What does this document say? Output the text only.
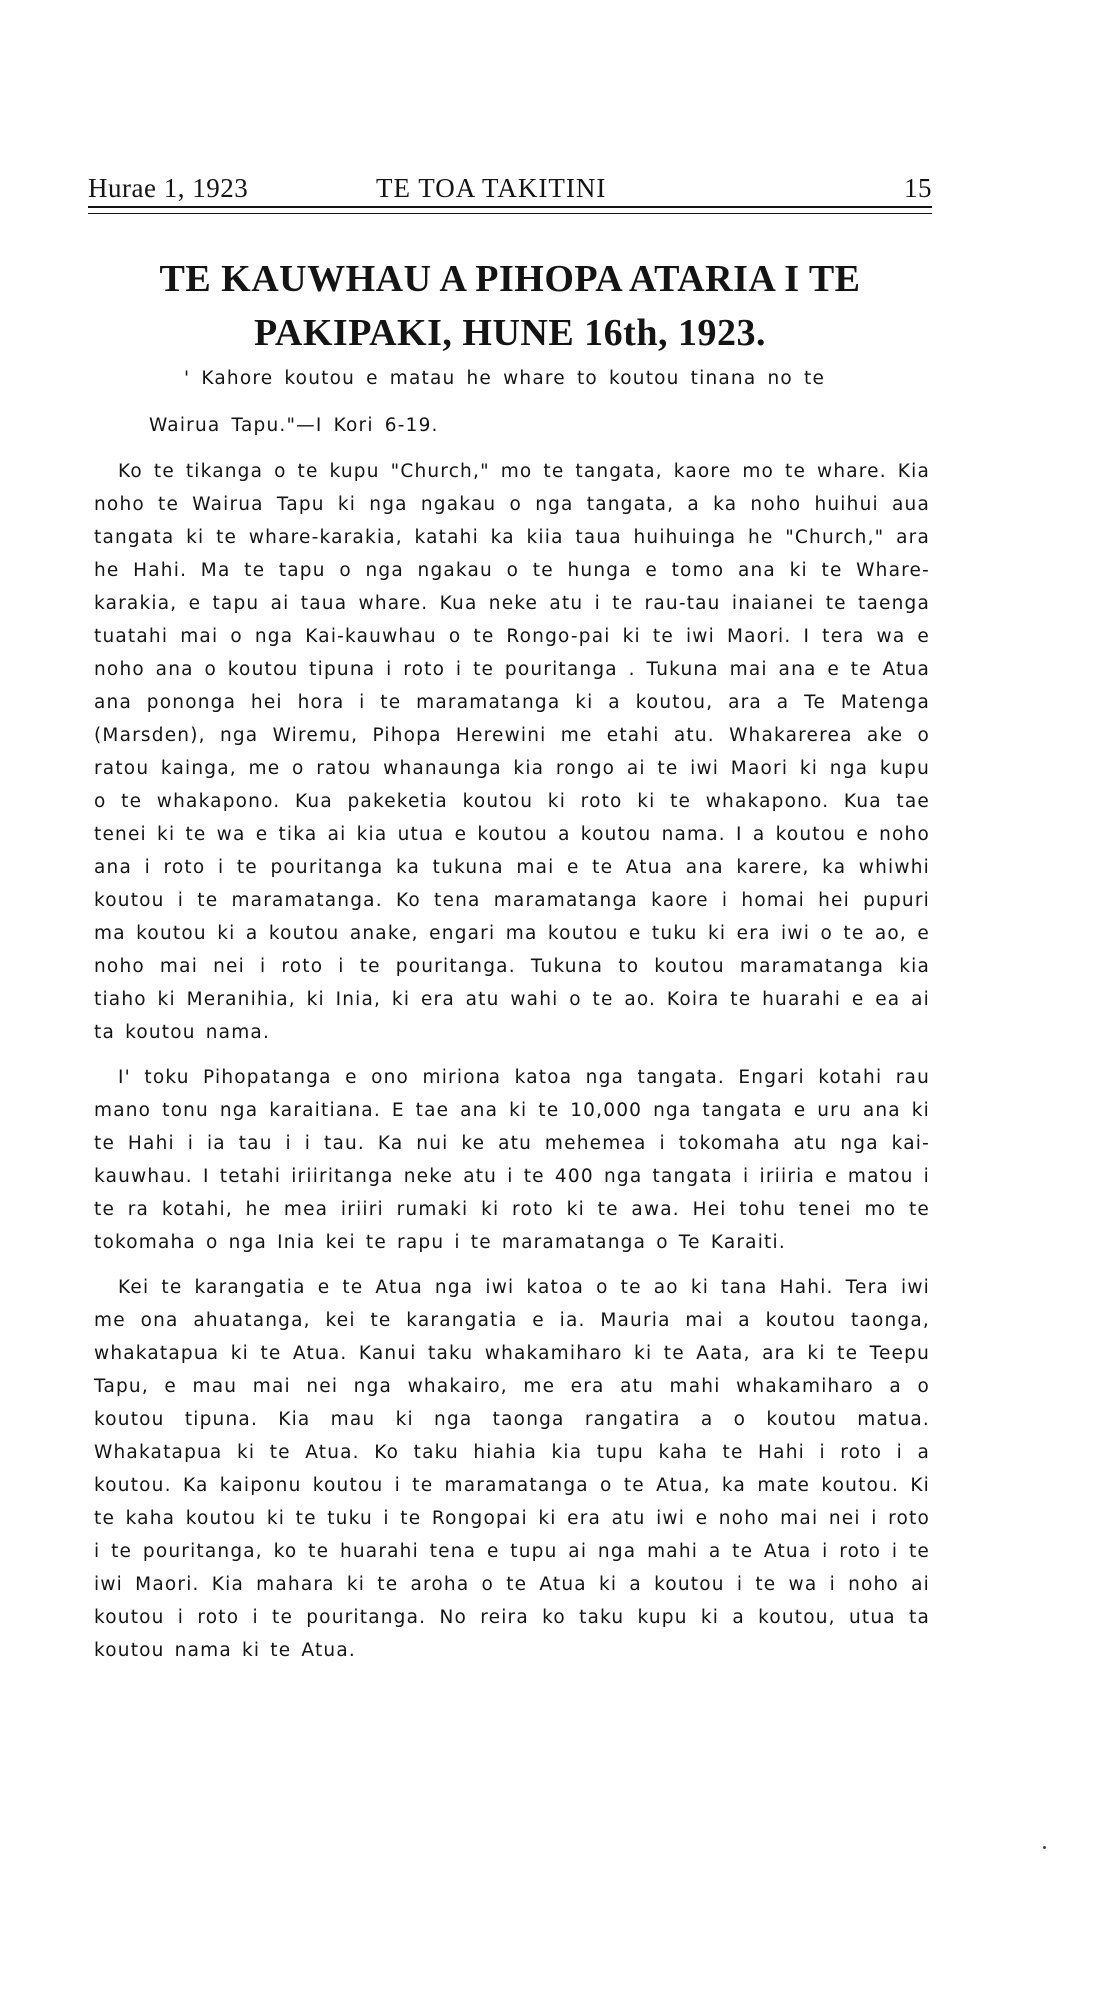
Hurae 1, 1923	TE TOA TAKITINI	15
TE KAUWHAU A PIHOPA ATARIA I TE PAKIPAKI, HUNE 16th, 1923.
' Kahore koutou e matau he whare to koutou tinana no te
Wairua Tapu."—I Kori 6-19.

Ko te tikanga o te kupu "Church," mo te tangata, kaore mo te whare. Kia noho te Wairua Tapu ki nga ngakau o nga tangata, a ka noho huihui aua tangata ki te whare-karakia, katahi ka kiia taua huihuinga he "Church," ara he Hahi. Ma te tapu o nga ngakau o te hunga e tomo ana ki te Whare-karakia, e tapu ai taua whare. Kua neke atu i te rau-tau inaianei te taenga tuatahi mai o nga Kai-kauwhau o te Rongo-pai ki te iwi Maori. I tera wa e noho ana o koutou tipuna i roto i te pouritanga . Tukuna mai ana e te Atua ana pononga hei hora i te maramatanga ki a koutou, ara a Te Matenga (Marsden), nga Wiremu, Pihopa Herewini me etahi atu. Whakarerea ake o ratou kainga, me o ratou whanaunga kia rongo ai te iwi Maori ki nga kupu o te whakapono. Kua pakeketia koutou ki roto ki te whakapono. Kua tae tenei ki te wa e tika ai kia utua e koutou a koutou nama. I a koutou e noho ana i roto i te pouritanga ka tukuna mai e te Atua ana karere, ka whiwhi koutou i te maramatanga. Ko tena maramatanga kaore i homai hei pupuri ma koutou ki a koutou anake, engari ma koutou e tuku ki era iwi o te ao, e noho mai nei i roto i te pouritanga. Tukuna to koutou maramatanga kia tiaho ki Meranihia, ki Inia, ki era atu wahi o te ao. Koira te huarahi e ea ai ta koutou nama.

I' toku Pihopatanga e ono miriona katoa nga tangata. Engari kotahi rau mano tonu nga karaitiana. E tae ana ki te 10,000 nga tangata e uru ana ki te Hahi i ia tau i i tau. Ka nui ke atu mehemea i tokomaha atu nga kai-kauwhau. I tetahi iriiritanga neke atu i te 400 nga tangata i iriiria e matou i te ra kotahi, he mea iriiri rumaki ki roto ki te awa. Hei tohu tenei mo te tokomaha o nga Inia kei te rapu i te maramatanga o Te Karaiti.

Kei te karangatia e te Atua nga iwi katoa o te ao ki tana Hahi. Tera iwi me ona ahuatanga, kei te karangatia e ia. Mauria mai a koutou taonga, whakatapua ki te Atua. Kanui taku whakamiharo ki te Aata, ara ki te Teepu Tapu, e mau mai nei nga whakairo, me era atu mahi whakamiharo a o koutou tipuna. Kia mau ki nga taonga rangatira a o koutou matua. Whakatapua ki te Atua. Ko taku hiahia kia tupu kaha te Hahi i roto i a koutou. Ka kaiponu koutou i te maramatanga o te Atua, ka mate koutou. Ki te kaha koutou ki te tuku i te Rongopai ki era atu iwi e noho mai nei i roto i te pouritanga, ko te huarahi tena e tupu ai nga mahi a te Atua i roto i te iwi Maori. Kia mahara ki te aroha o te Atua ki a koutou i te wa i noho ai koutou i roto i te pouritanga. No reira ko taku kupu ki a koutou, utua ta koutou nama ki te Atua.
